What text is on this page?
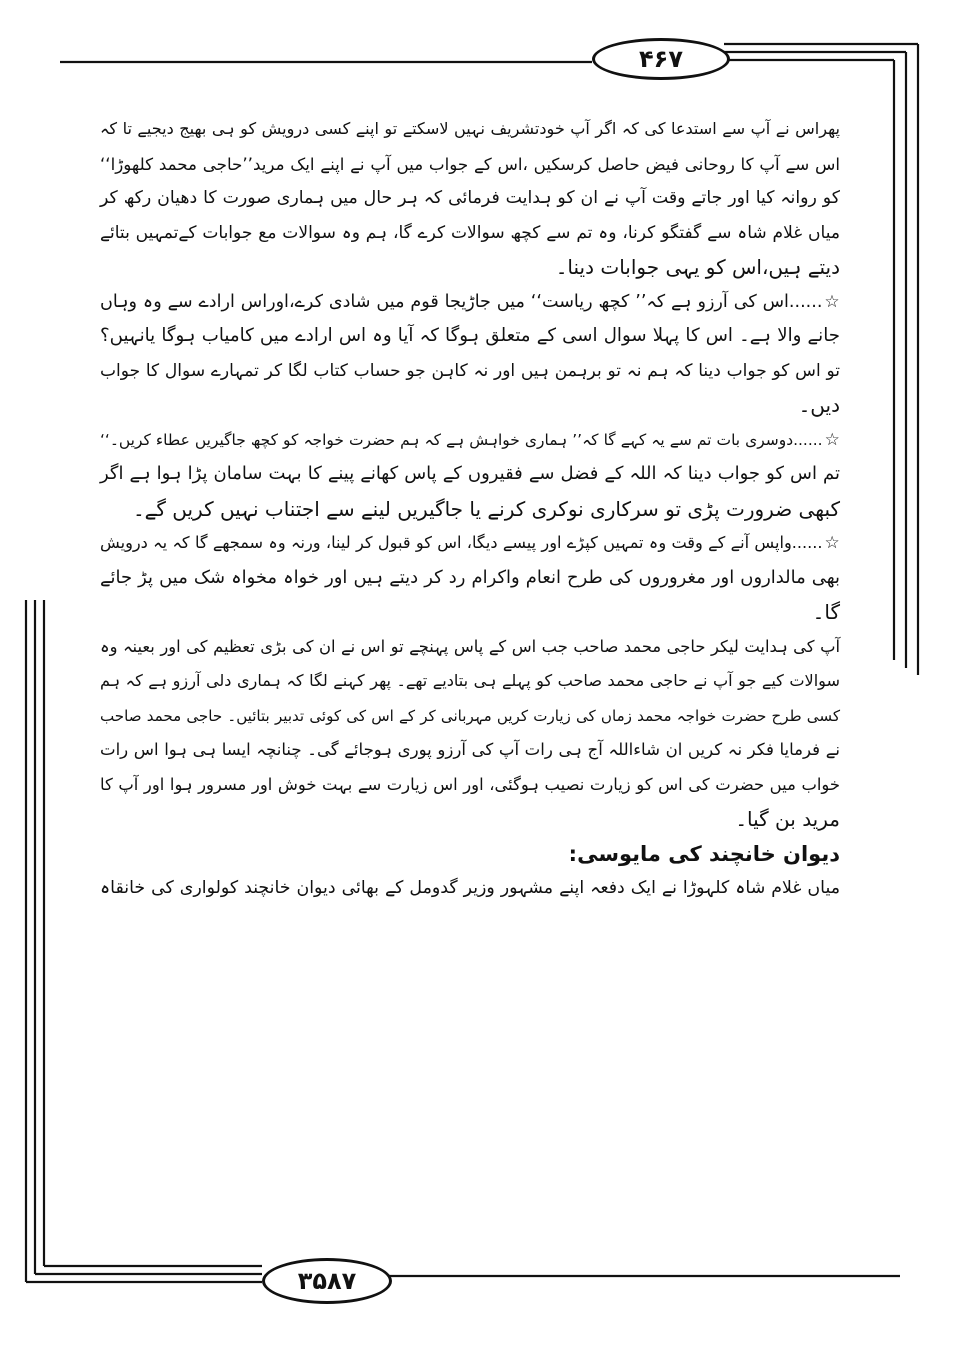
۴۶۷
۳۵۸۷
پھراس نے آپ سے استدعا کی کہ اگر آپ خودتشریف نہیں لاسکتے تو اپنے کسی درویش کو ہی بھیج دیجیے تا کہ
اس سے آپ کا روحانی فیض حاصل کرسکیں ،اس کے جواب میں آپ نے اپنے ایک مرید’’حاجی محمد کلھوڑا‘‘
کو روانہ کیا اور جاتے وقت آپ نے ان کو ہدایت فرمائی کہ ہر حال میں ہماری صورت کا دھیان رکھ کر
میاں غلام شاہ سے گفتگو کرنا، وہ تم سے کچھ سوالات کرے گا، ہم وہ سوالات مع جوابات کےتمہیں بتائے
دیتے ہیں،اس کو یہی جوابات دینا۔
☆......اس کی آرزو ہے کہ’’ کچھ ریاست‘‘ میں جاڑیجا قوم میں شادی کرے،اوراس ارادے سے وہ وہاں
جانے والا ہے۔ اس کا پہلا سوال اسی کے متعلق ہوگا کہ آیا وہ اس ارادے میں کامیاب ہوگا یانہیں؟
تو اس کو جواب دینا کہ ہم نہ تو برہمن ہیں اور نہ کاہن جو حساب کتاب لگا کر تمہارے سوال کا جواب
دیں۔
☆......دوسری بات تم سے یہ کہے گا کہ’’ ہماری خواہش ہے کہ ہم حضرت خواجہ کو کچھ جاگیریں عطاء کریں۔‘‘
تم اس کو جواب دینا کہ اللہ کے فضل سے فقیروں کے پاس کھانے پینے کا بہت سامان پڑا ہوا ہے اگر
کبھی ضرورت پڑی تو سرکاری نوکری کرنے یا جاگیریں لینے سے اجتناب نہیں کریں گے۔
☆......واپس آنے کے وقت وہ تمہیں کپڑے اور پیسے دیگا، اس کو قبول کر لینا، ورنہ وہ سمجھے گا کہ یہ درویش
بھی مالداروں اور مغروروں کی طرح انعام واکرام رد کر دیتے ہیں اور خواہ مخواہ شک میں پڑ جائے
گا۔
آپ کی ہدایت لیکر حاجی محمد صاحب جب اس کے پاس پہنچے تو اس نے ان کی بڑی تعظیم کی اور بعینہ وہ
سوالات کیے جو آپ نے حاجی محمد صاحب کو پہلے ہی بتادیے تھے۔ پھر کہنے لگا کہ ہماری دلی آرزو ہے کہ ہم
کسی طرح حضرت خواجہ محمد زماں کی زیارت کریں مہربانی کر کے اس کی کوئی تدبیر بتائیں۔ حاجی محمد صاحب
نے فرمایا فکر نہ کریں ان شاءاللہ آج ہی رات آپ کی آرزو پوری ہوجائے گی۔ چنانچہ ایسا ہی ہوا اس رات
خواب میں حضرت کی اس کو زیارت نصیب ہوگئی، اور اس زیارت سے بہت خوش اور مسرور ہوا اور آپ کا
مرید بن گیا۔
دیوان خانچند کی مایوسی:
میاں غلام شاہ کلہوڑا نے ایک دفعہ اپنے مشہور وزیر گدومل کے بھائی دیوان خانچند کولواری کی خانقاہ
